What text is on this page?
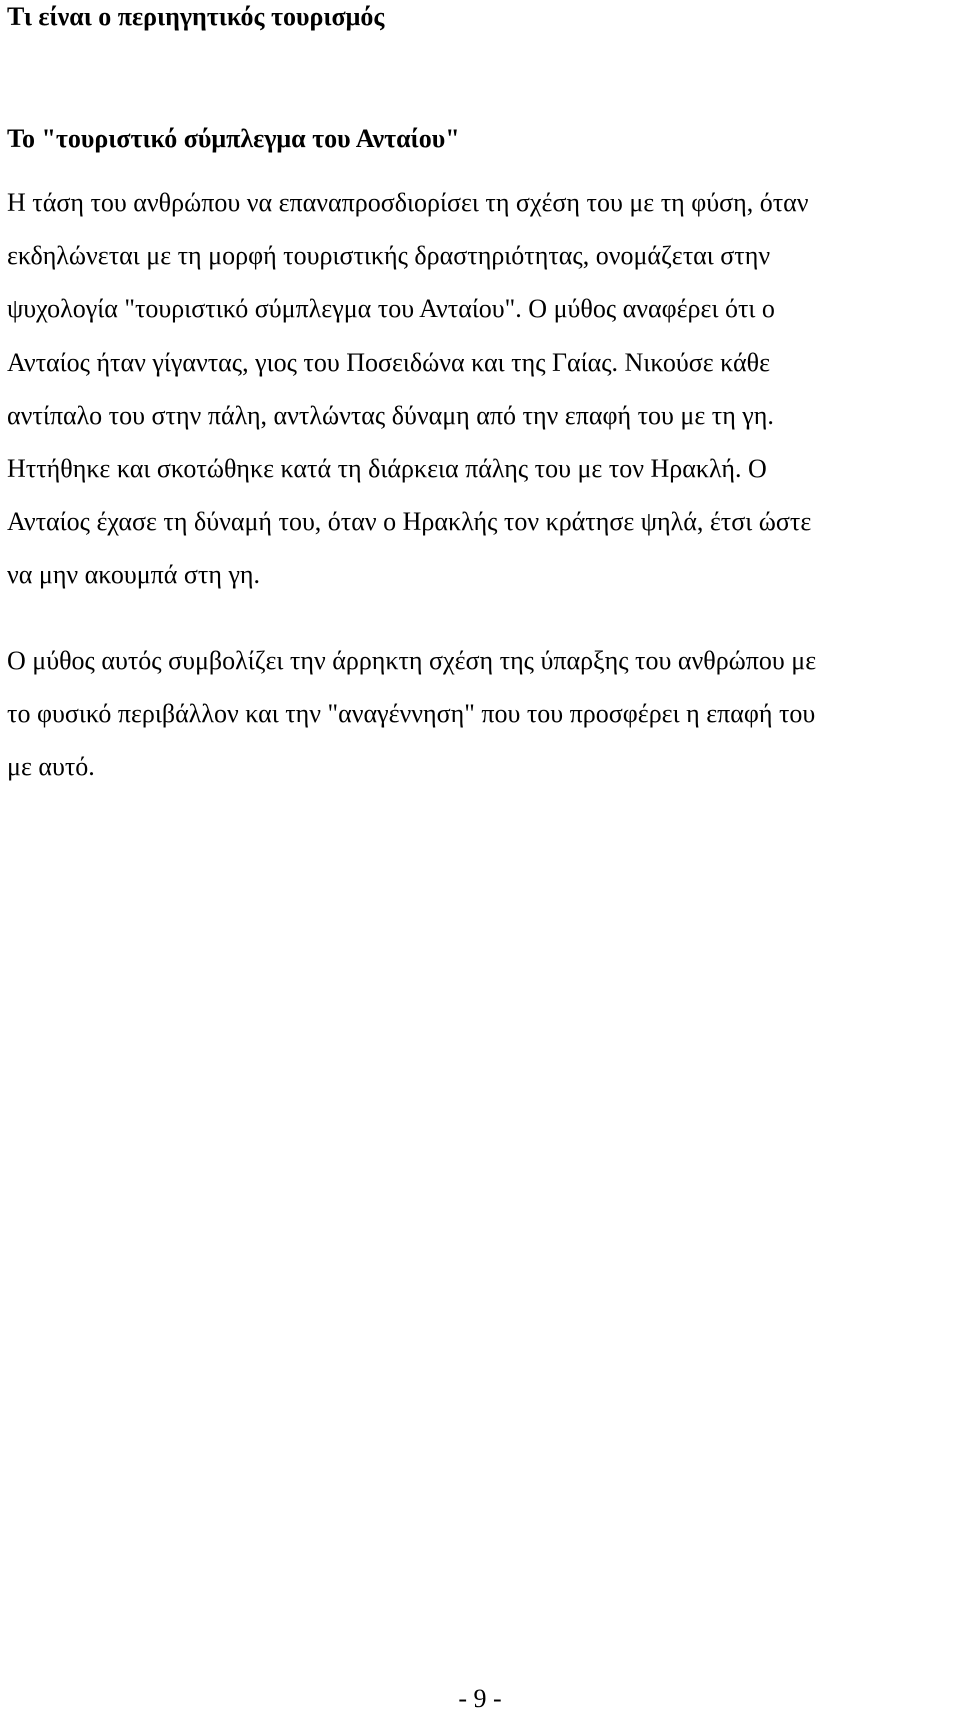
Τι είναι ο περιηγητικός τουρισμός
Το "τουριστικό σύμπλεγμα του Ανταίου"
Η τάση του ανθρώπου να επαναπροσδιορίσει τη σχέση του με τη φύση, όταν
εκδηλώνεται με τη μορφή τουριστικής δραστηριότητας, ονομάζεται στην
ψυχολογία "τουριστικό σύμπλεγμα του Ανταίου". Ο μύθος αναφέρει ότι ο
Ανταίος ήταν γίγαντας, γιος του Ποσειδώνα και της Γαίας. Νικούσε κάθε
αντίπαλο του στην πάλη, αντλώντας δύναμη από την επαφή του με τη γη.
Ηττήθηκε και σκοτώθηκε κατά τη διάρκεια πάλης του με τον Ηρακλή. Ο
Ανταίος έχασε τη δύναμή του, όταν ο Ηρακλής τον κράτησε ψηλά, έτσι ώστε
να μην ακουμπά στη γη.
Ο μύθος αυτός συμβολίζει την άρρηκτη σχέση της ύπαρξης του ανθρώπου με
το φυσικό περιβάλλον και την "αναγέννηση" που του προσφέρει η επαφή του
με αυτό.
- 9 -
